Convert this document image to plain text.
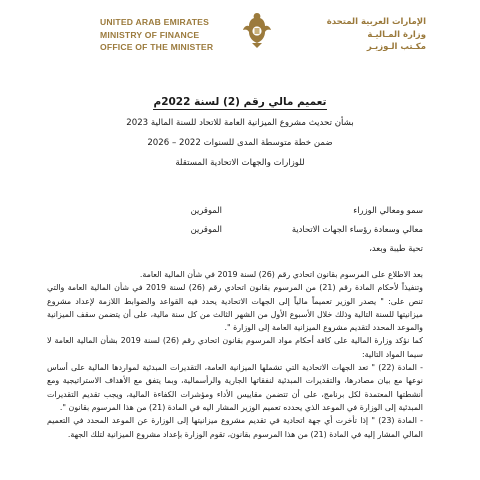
UNITED ARAB EMIRATES
MINISTRY OF FINANCE
OFFICE OF THE MINISTER
الإمارات العربية المتحدة
وزارة المـاليـة
مكـتب الـوزيـر
تعميم مالي رقم (2) لسنة 2022م
بشأن تحديث مشروع الميزانية العامة للاتحاد للسنة المالية 2023
ضمن خطة متوسطة المدى للسنوات 2022 – 2026
للوزارات والجهات الاتحادية المستقلة
سمو ومعالي الوزراء
الموقرين
معالي وسعادة رؤساء الجهات الاتحادية
الموقرين
تحية طيبة وبعد،

بعد الاطلاع على المرسوم بقانون اتحادي رقم (26) لسنة 2019 في شأن المالية العامة.

وتنفيذاً لأحكام المادة رقم (21) من المرسوم بقانون اتحادي رقم (26) لسنة 2019 في شأن المالية العامة والتي تنص على: " يصدر الوزير تعميماً مالياً إلى الجهات الاتحادية يحدد فيه القواعد والضوابط اللازمة لإعداد مشروع ميزانيتها للسنة التالية وذلك خلال الأسبوع الأول من الشهر الثالث من كل سنة مالية، على أن يتضمن سقف الميزانية والموعد المحدد لتقديم مشروع الميزانية العامة إلى الوزارة ".

كما نؤكد وزارة المالية على كافة أحكام مواد المرسوم بقانون اتحادي رقم (26) لسنة 2019 بشأن المالية العامة لا سيما المواد التالية:

- المادة (22) " تعد الجهات الاتحادية التي تشملها الميزانية العامة، التقديرات المبدئية لمواردها المالية على أساس نوعها مع بيان مصادرها، والتقديرات المبدئية لنفقاتها الجارية والرأسمالية، وبما يتفق مع الأهداف الاستراتيجية ومع أنشطتها المعتمدة لكل برنامج، على أن تتضمن مقاييس الأداء ومؤشرات الكفاءة المالية، ويجب تقديم التقديرات المبدئية إلى الوزارة في الموعد الذي يحدده تعميم الوزير المشار اليه في المادة (21) من هذا المرسوم بقانون ".

- المادة (23) " إذا تأخرت أي جهة اتحادية في تقديم مشروع ميزانيتها إلى الوزارة عن الموعد المحدد في التعميم المالي المشار إليه في المادة (21) من هذا المرسوم بقانون، تقوم الوزارة بإعداد مشروع الميزانية لتلك الجهة.
